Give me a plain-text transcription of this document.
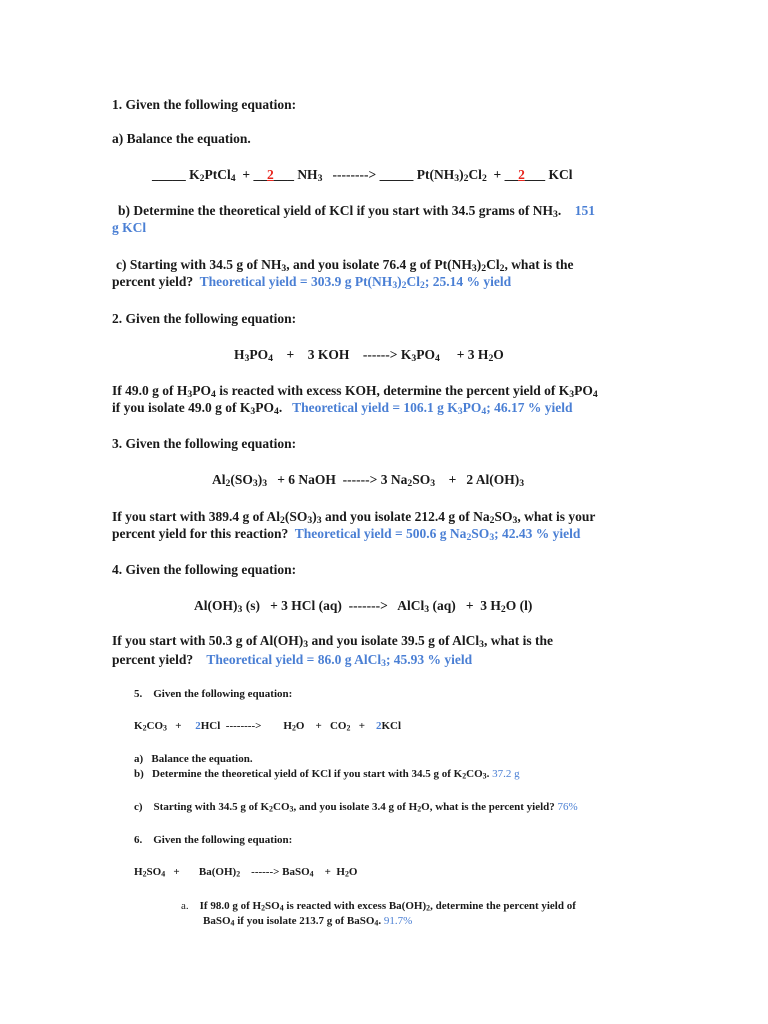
1. Given the following equation:
a) Balance the equation.
_____ $K_2PtCl_4$ + __2___ $NH_3$ --------> _____ $Pt(NH_3)_2Cl_2$ + __2___ KCl
b) Determine the theoretical yield of KCl if you start with 34.5 grams of $NH_3$. 151
g KCl
c) Starting with 34.5 g of $NH_3$, and you isolate 76.4 g of $Pt(NH_3)_2Cl_2$, what is the
percent yield? Theoretical yield = 303.9 g $Pt(NH_3)_2Cl_2$; 25.14 % yield
2. Given the following equation:
$H_3PO_4 + 3$ KOH ------> $K_3PO_4 + 3$ $H_2O$
If 49.0 g of $H_3PO_4$ is reacted with excess KOH, determine the percent yield of $K_3PO_4$
if you isolate 49.0 g of $K_3PO_4$. Theoretical yield = 106.1 g $K_3PO_4$; 46.17 % yield
3. Given the following equation:
$Al_2(SO_3)_3 + 6$ NaOH  ------> 3 $Na_2SO_3$    +   2 $Al(OH)_3$
If you start with 389.4 g of $Al_2(SO_3)_3$ and you isolate 212.4 g of $Na_2SO_3$, what is your
percent yield for this reaction? Theoretical yield = 500.6 g $Na_2SO_3$; 42.43 % yield
4. Given the following equation:
$Al(OH)_3$ (s)   + 3 HCl (aq)  ------->   AlCl$_3$ (aq)   +  3 $H_2O$ (l)
If you start with 50.3 g of $Al(OH)_3$ and you isolate 39.5 g of AlCl$_3$, what is the
percent yield? Theoretical yield = 86.0 g AlCl$_3$; 45.93 % yield
5.    Given the following equation:
$K_2CO_3 + 2HCl$  --------> $H_2O$    +   $CO_2 + 2KCl$
a) Balance the equation.
b) Determine the theoretical yield of KCl if you start with 34.5 g of $K_2CO_3$. 37.2 g
c) Starting with 34.5 g of $K_2CO_3$, and you isolate 3.4 g of $H_2O$, what is the percent yield? 76%
6.    Given the following equation:
$H_2SO_4$   +       $Ba(OH)_2$    ------> BaSO$_4$    +  $H_2O$
a. If 98.0 g of $H_2SO_4$ is reacted with excess $Ba(OH)_2$, determine the percent yield of
BaSO$_4$ if you isolate 213.7 g of BaSO$_4$. 91.7%
